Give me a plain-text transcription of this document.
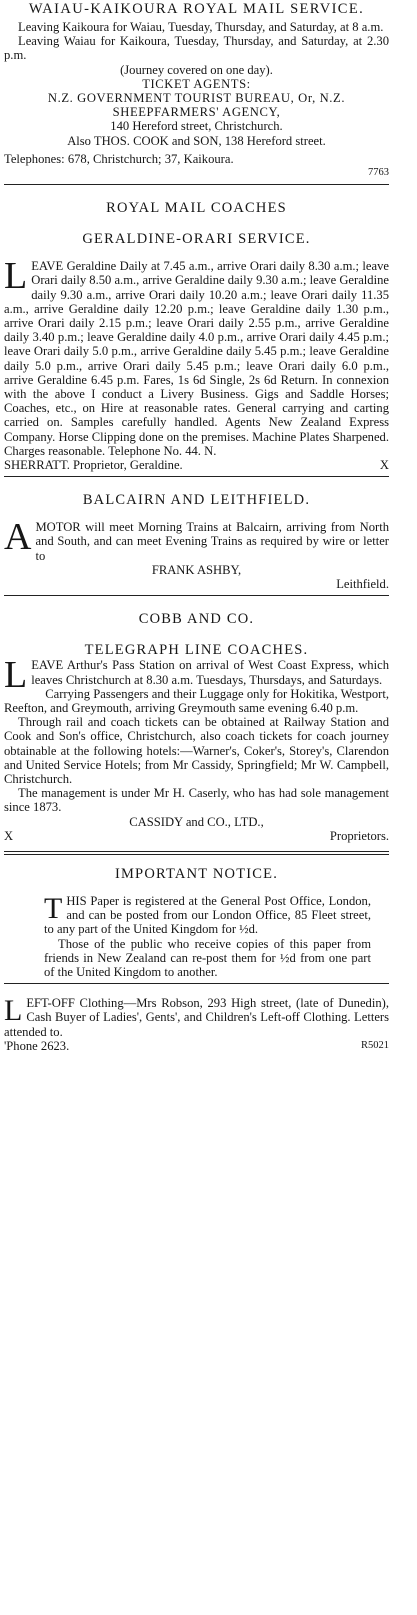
WAIAU-KAIKOURA ROYAL MAIL SERVICE.
Leaving Kaikoura for Waiau, Tuesday, Thursday, and Saturday, at 8 a.m.
Leaving Waiau for Kaikoura, Tuesday, Thursday, and Saturday, at 2.30 p.m.
(Journey covered on one day).
TICKET AGENTS:
N.Z. GOVERNMENT TOURIST BUREAU, Or, N.Z. SHEEPFARMERS' AGENCY,
140 Hereford street, Christchurch.
Also THOS. COOK and SON, 138 Hereford street.
Telephones: 678, Christchurch; 37, Kaikoura.
7763
ROYAL MAIL COACHES
GERALDINE-ORARI SERVICE.
L EAVE Geraldine Daily at 7.45 a.m., arrive Orari daily 8.30 a.m.; leave Orari daily 8.50 a.m., arrive Geraldine daily 9.30 a.m.; leave Geraldine daily 9.30 a.m., arrive Orari daily 10.20 a.m.; leave Orari daily 11.35 a.m., arrive Geraldine daily 12.20 p.m.; leave Geraldine daily 1.30 p.m., arrive Orari daily 2.15 p.m.; leave Orari daily 2.55 p.m., arrive Geraldine daily 3.40 p.m.; leave Geraldine daily 4.0 p.m., arrive Orari daily 4.45 p.m.; leave Orari daily 5.0 p.m., arrive Geraldine daily 5.45 p.m.; leave Geraldine daily 5.0 p.m., arrive Orari daily 5.45 p.m.; leave Orari daily 6.0 p.m., arrive Geraldine 6.45 p.m. Fares, 1s 6d Single, 2s 6d Return. In connexion with the above I conduct a Livery Business. Gigs and Saddle Horses; Coaches, etc., on Hire at reasonable rates. General carrying and carting carried on. Samples carefully handled. Agents New Zealand Express Company. Horse Clipping done on the premises. Machine Plates Sharpened. Charges reasonable. Telephone No. 44. N.
SHERRATT. Proprietor, Geraldine.	X
BALCAIRN AND LEITHFIELD.
A MOTOR will meet Morning Trains at Balcairn, arriving from North and South, and can meet Evening Trains as required by wire or letter to
FRANK ASHBY,
Leithfield.
COBB AND CO.
TELEGRAPH LINE COACHES.
L EAVE Arthur's Pass Station on arrival of West Coast Express, which leaves Christchurch at 8.30 a.m. Tuesdays, Thursdays, and Saturdays.
Carrying Passengers and their Luggage only for Hokitika, Westport, Reefton, and Greymouth, arriving Greymouth same evening 6.40 p.m.
Through rail and coach tickets can be obtained at Railway Station and Cook and Son's office, Christchurch, also coach tickets for coach journey obtainable at the following hotels:—Warner's, Coker's, Storey's, Clarendon and United Service Hotels; from Mr Cassidy, Springfield; Mr W. Campbell, Christchurch.
The management is under Mr H. Caserly, who has had sole management since 1873.
CASSIDY and CO., LTD.,
X	Proprietors.
IMPORTANT NOTICE.
T HIS Paper is registered at the General Post Office, London, and can be posted from our London Office, 85 Fleet street, to any part of the United Kingdom for ½d.
Those of the public who receive copies of this paper from friends in New Zealand can re-post them for ½d from one part of the United Kingdom to another.
L EFT-OFF Clothing—Mrs Robson, 293 High street, (late of Dunedin), Cash Buyer of Ladies', Gents', and Children's Left-off Clothing. Letters attended to.
'Phone 2623.	R5021
